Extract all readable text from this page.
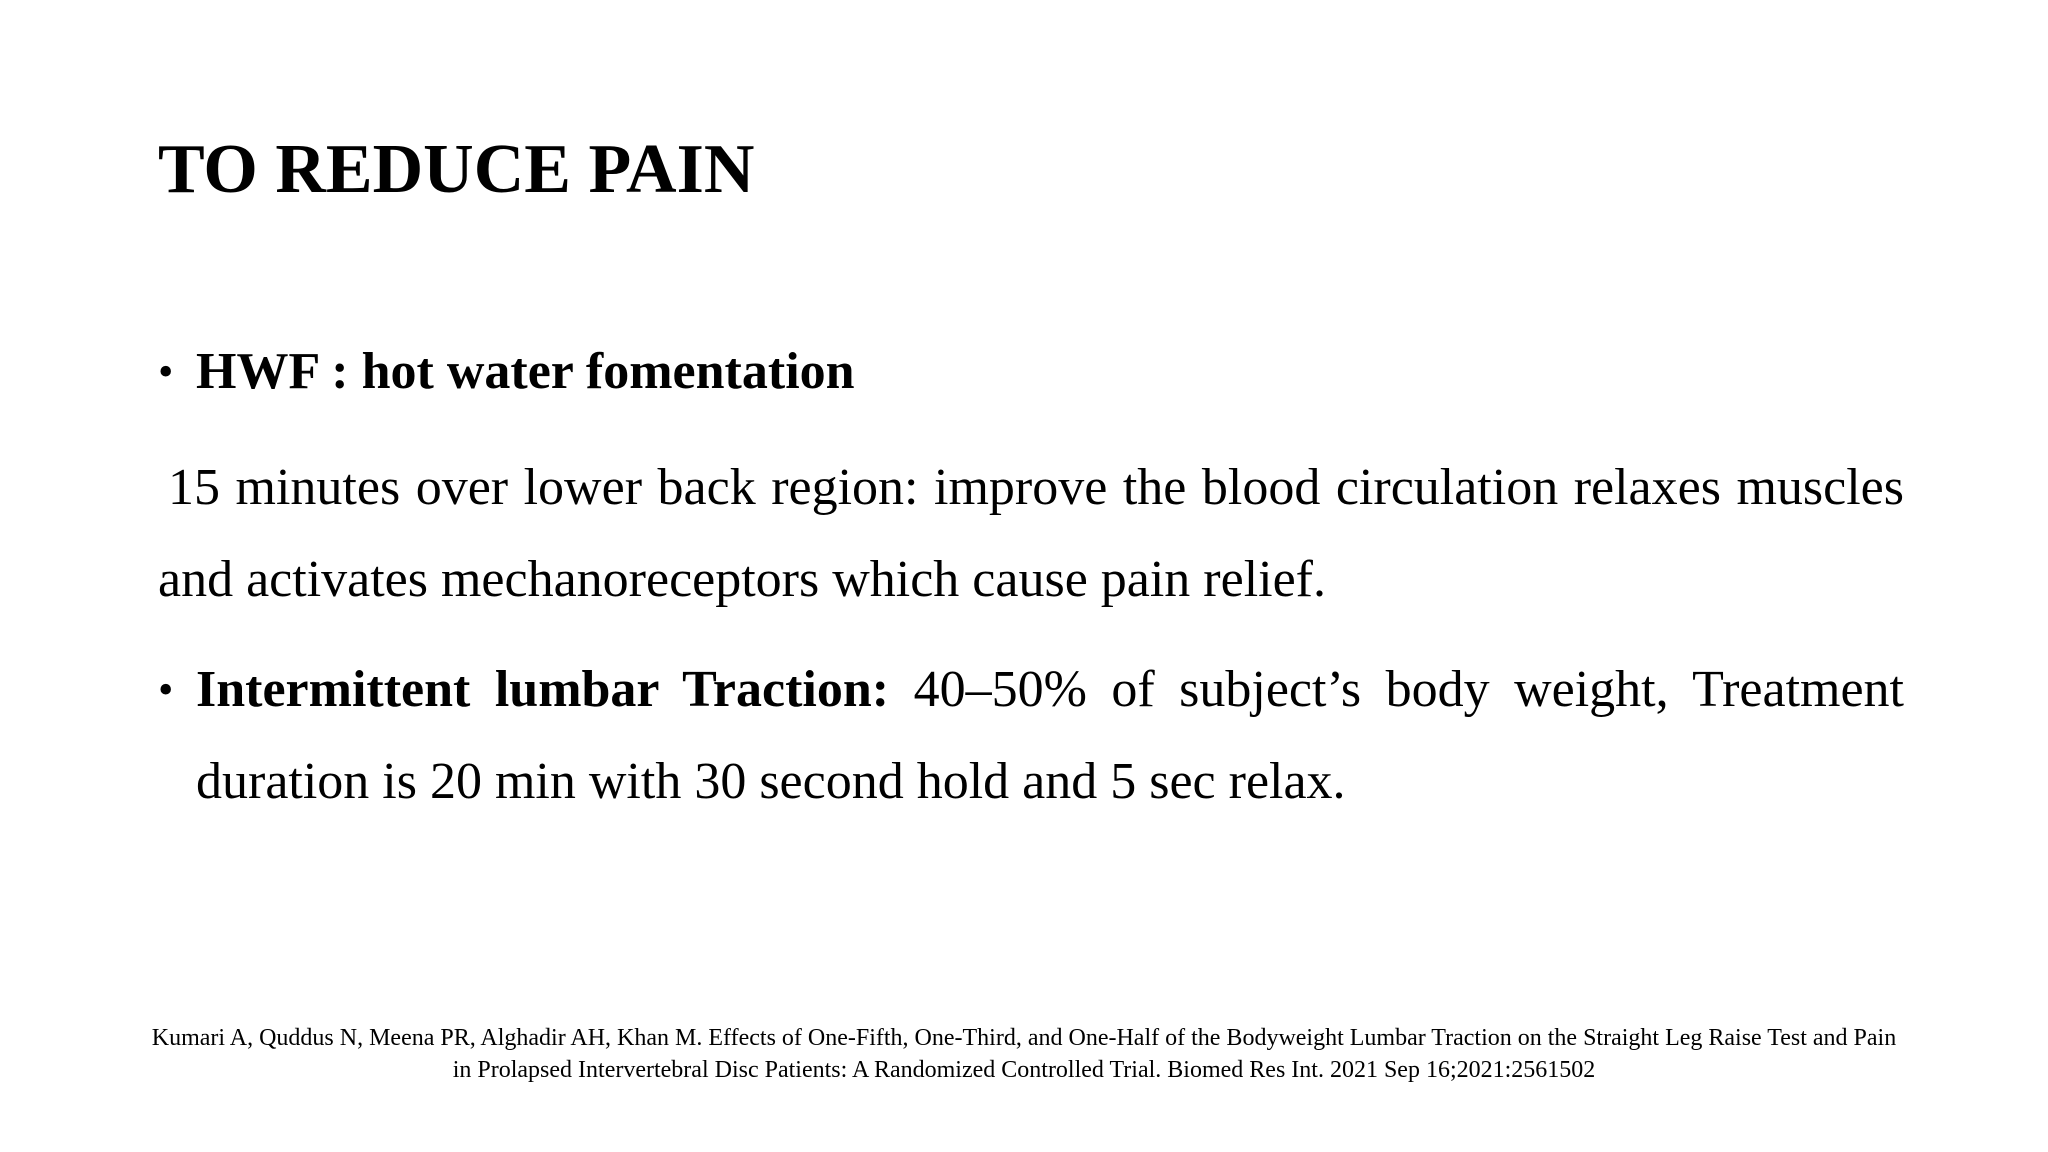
TO REDUCE PAIN
• HWF : hot water fomentation

15 minutes over lower back region: improve the blood circulation relaxes muscles and activates mechanoreceptors which cause pain relief.

• Intermittent lumbar Traction: 40–50% of subject’s body weight, Treatment duration is 20 min with 30 second hold and 5 sec relax.
Kumari A, Quddus N, Meena PR, Alghadir AH, Khan M. Effects of One-Fifth, One-Third, and One-Half of the Bodyweight Lumbar Traction on the Straight Leg Raise Test and Pain
in Prolapsed Intervertebral Disc Patients: A Randomized Controlled Trial. Biomed Res Int. 2021 Sep 16;2021:2561502
